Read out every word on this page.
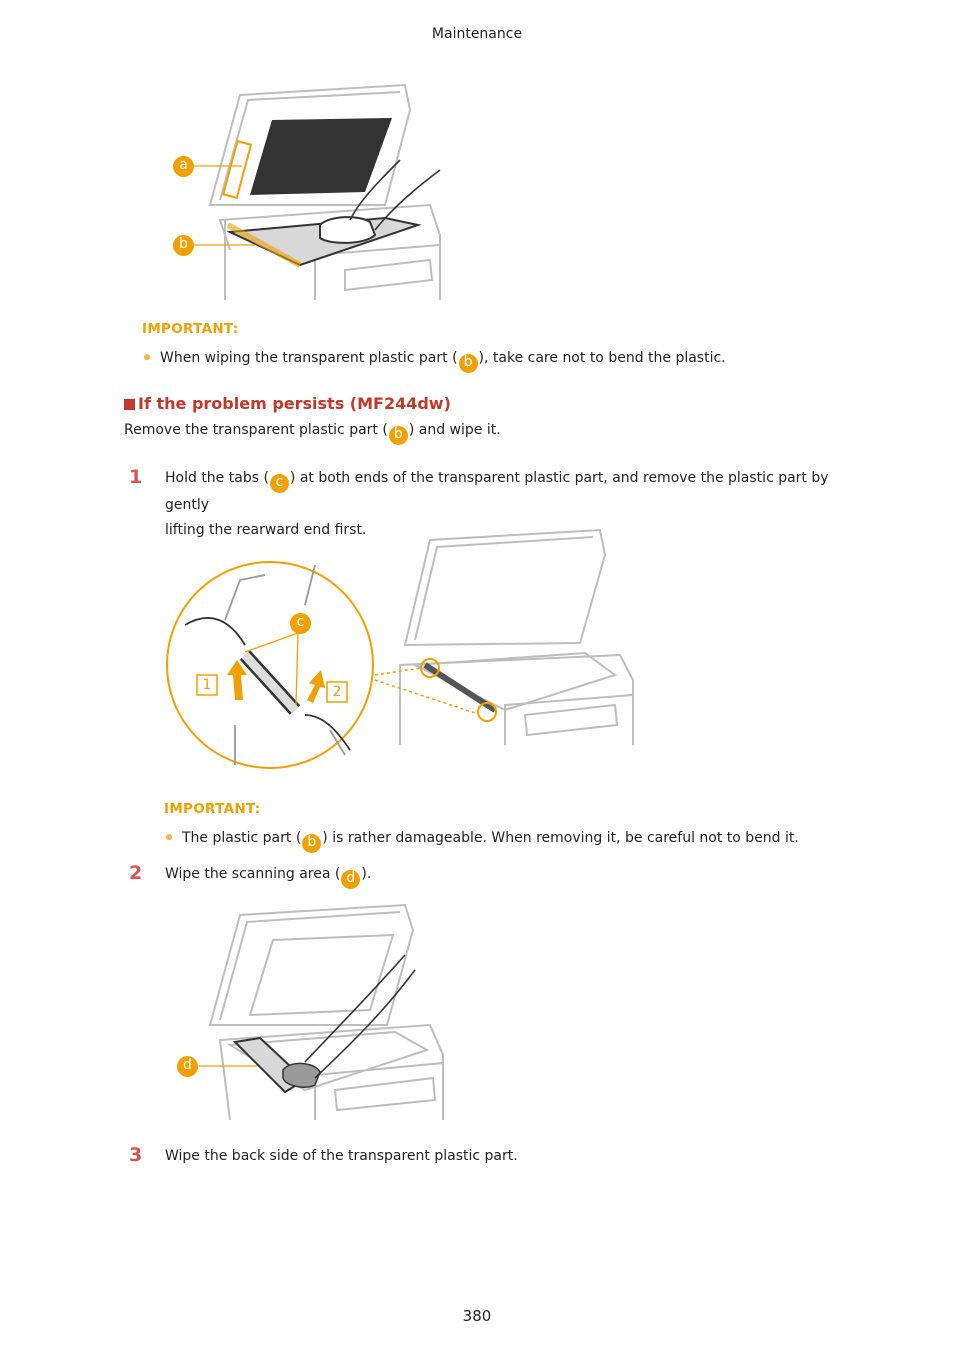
Maintenance
a
b
IMPORTANT:
When wiping the transparent plastic part ( b ), take care not to bend the plastic.
If the problem persists (MF244dw)
Remove the transparent plastic part ( b ) and wipe it.
1 Hold the tabs ( c ) at both ends of the transparent plastic part, and remove the plastic part by gently
lifting the rearward end first.
c
1	2
IMPORTANT:
The plastic part ( b ) is rather damageable. When removing it, be careful not to bend it.
2 Wipe the scanning area ( d ).
d
3 Wipe the back side of the transparent plastic part.
380
